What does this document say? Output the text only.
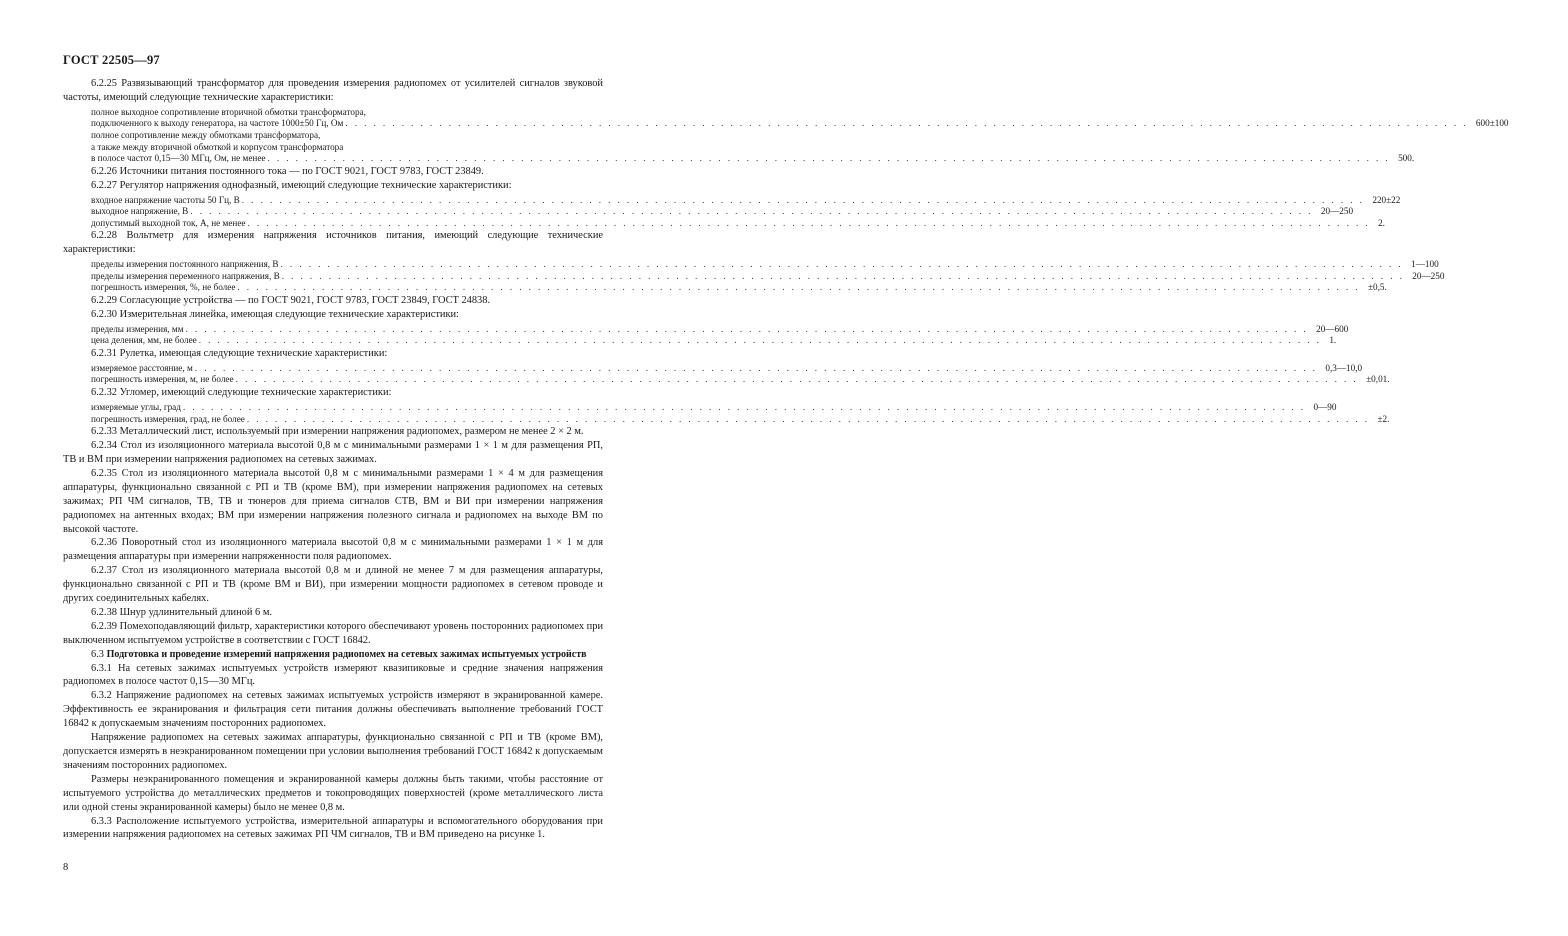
ГОСТ 22505—97

6.2.25 Развязывающий трансформатор для проведения измерения радиопомех от усилителей сигналов звуковой частоты, имеющий следующие технические характеристики:

полное выходное сопротивление вторичной обмотки трансформатора,
подключенного к выходу генератора, на частоте 1000±50 Гц, Ом . . . . . . . . . . . . . . . . . . . . . . . . . . . . . . . . . . . . . . . . . . . . . . . . . . . . . . . . . . . . . . . . . . . . . . . . . . . . . . . . . . . . . . . . . . . . . . . . . . . . . . . . . . . . . . . . . . . . . . . . 600±100
полное сопротивление между обмотками трансформатора,
а также между вторичной обмоткой и корпусом трансформатора
в полосе частот 0,15—30 МГц, Ом, не менее . . . . . . . . . . . . . . . . . . . . . . . . . . . . . . . . . . . . . . . . . . . . . . . . . . . . . . . . . . . . . . . . . . . . . . . . . . . . . . . . . . . . . . . . . . . . . . . . . . . . . . . . . . . . . . . . . . . . . . . . 500.

6.2.26 Источники питания постоянного тока — по ГОСТ 9021, ГОСТ 9783, ГОСТ 23849.

6.2.27 Регулятор напряжения однофазный, имеющий следующие технические характеристики:

входное напряжение частоты 50 Гц, В . . . . . . . . . . . . . . . . . . . . . . . . . . . . . . . . . . . . . . . . . . . . . . . . . . . . . . . . . . . . . . . . . . . . . . . . . . . . . . . . . . . . . . . . . . . . . . . . . . . . . . . . . . . . . . . . . . . . . . . . 220±22
выходное напряжение, В . . . . . . . . . . . . . . . . . . . . . . . . . . . . . . . . . . . . . . . . . . . . . . . . . . . . . . . . . . . . . . . . . . . . . . . . . . . . . . . . . . . . . . . . . . . . . . . . . . . . . . . . . . . . . . . . . . . . . . . . 20—250
допустимый выходной ток, А, не менее . . . . . . . . . . . . . . . . . . . . . . . . . . . . . . . . . . . . . . . . . . . . . . . . . . . . . . . . . . . . . . . . . . . . . . . . . . . . . . . . . . . . . . . . . . . . . . . . . . . . . . . . . . . . . . . . . . . . . . . . 2.

6.2.28 Вольтметр для измерения напряжения источников питания, имеющий следующие технические характеристики:

пределы измерения постоянного напряжения, В . . . . . . . . . . . . . . . . . . . . . . . . . . . . . . . . . . . . . . . . . . . . . . . . . . . . . . . . . . . . . . . . . . . . . . . . . . . . . . . . . . . . . . . . . . . . . . . . . . . . . . . . . . . . . . . . . . . . . . . . 1—100
пределы измерения переменного напряжения, В . . . . . . . . . . . . . . . . . . . . . . . . . . . . . . . . . . . . . . . . . . . . . . . . . . . . . . . . . . . . . . . . . . . . . . . . . . . . . . . . . . . . . . . . . . . . . . . . . . . . . . . . . . . . . . . . . . . . . . . . 20—250
погрешность измерения, %, не более . . . . . . . . . . . . . . . . . . . . . . . . . . . . . . . . . . . . . . . . . . . . . . . . . . . . . . . . . . . . . . . . . . . . . . . . . . . . . . . . . . . . . . . . . . . . . . . . . . . . . . . . . . . . . . . . . . . . . . . . ±0,5.

6.2.29 Согласующие устройства — по ГОСТ 9021, ГОСТ 9783, ГОСТ 23849, ГОСТ 24838.

6.2.30 Измерительная линейка, имеющая следующие технические характеристики:

пределы измерения, мм . . . . . . . . . . . . . . . . . . . . . . . . . . . . . . . . . . . . . . . . . . . . . . . . . . . . . . . . . . . . . . . . . . . . . . . . . . . . . . . . . . . . . . . . . . . . . . . . . . . . . . . . . . . . . . . . . . . . . . . . 20—600
цена деления, мм, не более . . . . . . . . . . . . . . . . . . . . . . . . . . . . . . . . . . . . . . . . . . . . . . . . . . . . . . . . . . . . . . . . . . . . . . . . . . . . . . . . . . . . . . . . . . . . . . . . . . . . . . . . . . . . . . . . . . . . . . . . 1.

6.2.31 Рулетка, имеющая следующие технические характеристики:

измеряемое расстояние, м . . . . . . . . . . . . . . . . . . . . . . . . . . . . . . . . . . . . . . . . . . . . . . . . . . . . . . . . . . . . . . . . . . . . . . . . . . . . . . . . . . . . . . . . . . . . . . . . . . . . . . . . . . . . . . . . . . . . . . . . 0,3—10,0
погрешность измерения, м, не более . . . . . . . . . . . . . . . . . . . . . . . . . . . . . . . . . . . . . . . . . . . . . . . . . . . . . . . . . . . . . . . . . . . . . . . . . . . . . . . . . . . . . . . . . . . . . . . . . . . . . . . . . . . . . . . . . . . . . . . . ±0,01.

6.2.32 Угломер, имеющий следующие технические характеристики:

измеряемые углы, град . . . . . . . . . . . . . . . . . . . . . . . . . . . . . . . . . . . . . . . . . . . . . . . . . . . . . . . . . . . . . . . . . . . . . . . . . . . . . . . . . . . . . . . . . . . . . . . . . . . . . . . . . . . . . . . . . . . . . . . . 0—90
погрешность измерения, град, не более . . . . . . . . . . . . . . . . . . . . . . . . . . . . . . . . . . . . . . . . . . . . . . . . . . . . . . . . . . . . . . . . . . . . . . . . . . . . . . . . . . . . . . . . . . . . . . . . . . . . . . . . . . . . . . . . . . . . . . . . ±2.

6.2.33 Металлический лист, используемый при измерении напряжения радиопомех, размером не менее 2 × 2 м.

6.2.34 Стол из изоляционного материала высотой 0,8 м с минимальными размерами 1 × 1 м для размещения РП, ТВ и ВМ при измерении напряжения радиопомех на сетевых зажимах.

6.2.35 Стол из изоляционного материала высотой 0,8 м с минимальными размерами 1 × 4 м для размещения аппаратуры, функционально связанной с РП и ТВ (кроме ВМ), при измерении напряжения радиопомех на сетевых зажимах; РП ЧМ сигналов, ТВ, ТВ и тюнеров для приема сигналов СТВ, ВМ и ВИ при измерении напряжения радиопомех на антенных входах; ВМ при измерении напряжения полезного сигнала и радиопомех на выходе ВМ по высокой частоте.

6.2.36 Поворотный стол из изоляционного материала высотой 0,8 м с минимальными размерами 1 × 1 м для размещения аппаратуры при измерении напряженности поля радиопомех.

6.2.37 Стол из изоляционного материала высотой 0,8 м и длиной не менее 7 м для размещения аппаратуры, функционально связанной с РП и ТВ (кроме ВМ и ВИ), при измерении мощности радиопомех в сетевом проводе и других соединительных кабелях.

6.2.38 Шнур удлинительный длиной 6 м.

6.2.39 Помехоподавляющий фильтр, характеристики которого обеспечивают уровень посторонних радиопомех при выключенном испытуемом устройстве в соответствии с ГОСТ 16842.

6.3 Подготовка и проведение измерений напряжения радиопомех на сетевых зажимах испытуемых устройств

6.3.1 На сетевых зажимах испытуемых устройств измеряют квазипиковые и средние значения напряжения радиопомех в полосе частот 0,15—30 МГц.

6.3.2 Напряжение радиопомех на сетевых зажимах испытуемых устройств измеряют в экранированной камере. Эффективность ее экранирования и фильтрация сети питания должны обеспечивать выполнение требований ГОСТ 16842 к допускаемым значениям посторонних радиопомех.

Напряжение радиопомех на сетевых зажимах аппаратуры, функционально связанной с РП и ТВ (кроме ВМ), допускается измерять в неэкранированном помещении при условии выполнения требований ГОСТ 16842 к допускаемым значениям посторонних радиопомех.

Размеры неэкранированного помещения и экранированной камеры должны быть такими, чтобы расстояние от испытуемого устройства до металлических предметов и токопроводящих поверхностей (кроме металлического листа или одной стены экранированной камеры) было не менее 0,8 м.

6.3.3 Расположение испытуемого устройства, измерительной аппаратуры и вспомогательного оборудования при измерении напряжения радиопомех на сетевых зажимах РП ЧМ сигналов, ТВ и ВМ приведено на рисунке 1.

8
